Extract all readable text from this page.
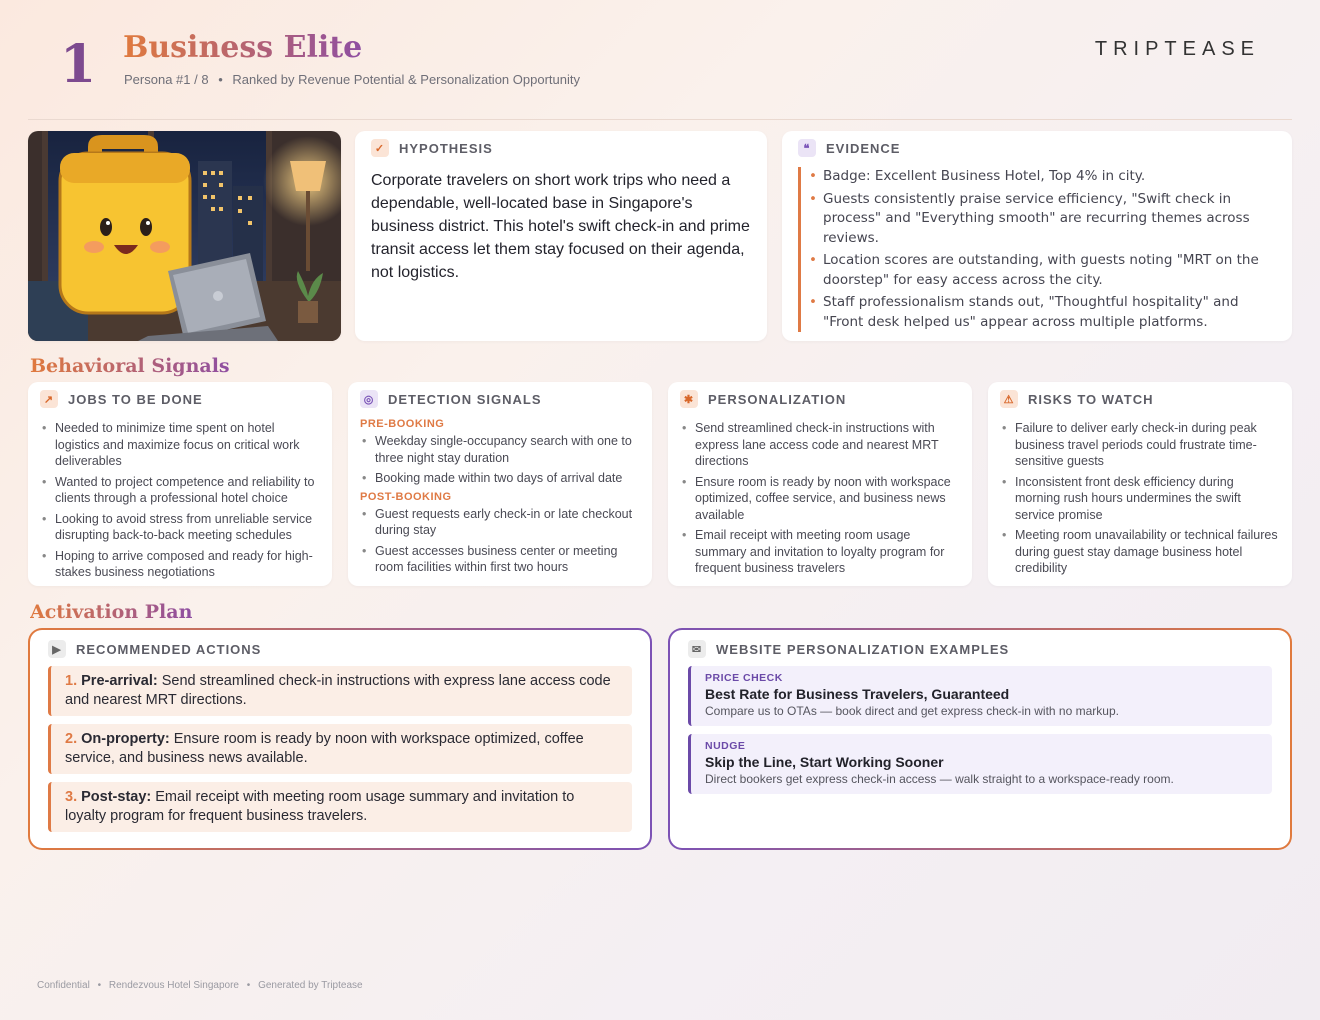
1 Business Elite
Persona #1 / 8 • Ranked by Revenue Potential & Personalization Opportunity
TRIPTEASE
✓ HYPOTHESIS

Corporate travelers on short work trips who need a dependable, well-located base in Singapore's business district. This hotel's swift check-in and prime transit access let them stay focused on their agenda, not logistics.

❝	EVIDENCE
• Badge: Excellent Business Hotel, Top 4% in city.
• Guests consistently praise service efficiency, "Swift check in process" and "Everything smooth" are recurring themes across reviews.
• Location scores are outstanding, with guests noting "MRT on the doorstep" for easy access across the city.
• Staff professionalism stands out, "Thoughtful hospitality" and "Front desk helped us" appear across multiple platforms.
Behavioral Signals
↗ JOBS TO BE DONE
• Needed to minimize time spent on hotel logistics and maximize focus on critical work deliverables
• Wanted to project competence and reliability to clients through a professional hotel choice
• Looking to avoid stress from unreliable service disrupting back-to-back meeting schedules
• Hoping to arrive composed and ready for high-stakes business negotiations
◎ DETECTION SIGNALS
PRE-BOOKING
• Weekday single-occupancy search with one to three night stay duration
• Booking made within two days of arrival date
POST-BOOKING
• Guest requests early check-in or late checkout during stay
• Guest accesses business center or meeting room facilities within first two hours
✱ PERSONALIZATION
• Send streamlined check-in instructions with express lane access code and nearest MRT directions
• Ensure room is ready by noon with workspace optimized, coffee service, and business news available
• Email receipt with meeting room usage summary and invitation to loyalty program for frequent business travelers
⚠ RISKS TO WATCH
• Failure to deliver early check-in during peak business travel periods could frustrate time-sensitive guests
• Inconsistent front desk efficiency during morning rush hours undermines the swift service promise
• Meeting room unavailability or technical failures during guest stay damage business hotel credibility
Activation Plan
▶	RECOMMENDED ACTIONS
1. Pre-arrival: Send streamlined check-in instructions with express lane access code and nearest MRT directions.
2. On-property: Ensure room is ready by noon with workspace optimized, coffee service, and business news available.
3. Post-stay: Email receipt with meeting room usage summary and invitation to loyalty program for frequent business travelers.
✉ WEBSITE PERSONALIZATION EXAMPLES
PRICE CHECK
Best Rate for Business Travelers, Guaranteed
Compare us to OTAs — book direct and get express check-in with no markup.
NUDGE
Skip the Line, Start Working Sooner
Direct bookers get express check-in access — walk straight to a workspace-ready room.
Confidential • Rendezvous Hotel Singapore • Generated by Triptease
